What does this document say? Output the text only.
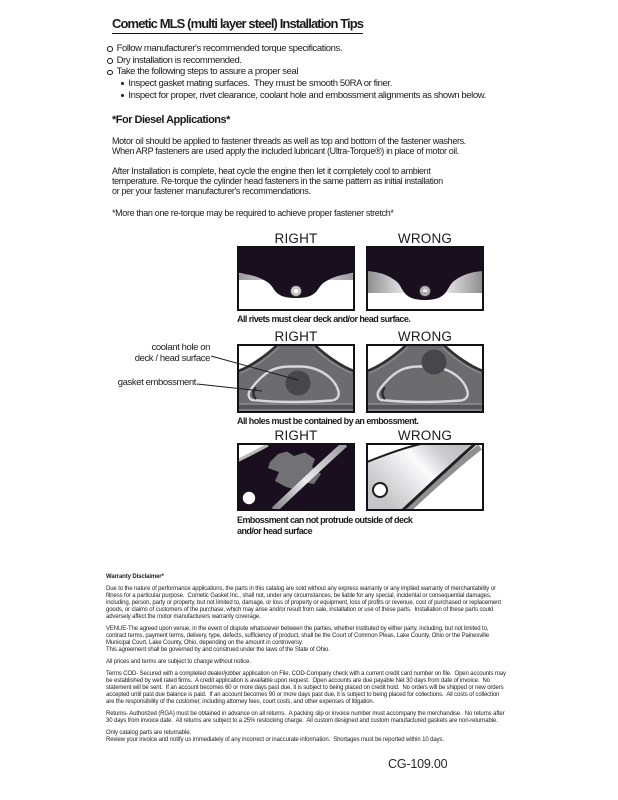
Cometic MLS (multi layer steel) Installation Tips
Follow manufacturer's recommended torque specifications.
Dry installation is recommended.
Take the following steps to assure a proper seal
Inspect gasket mating surfaces.  They must be smooth 50RA or finer.
Inspect for proper, rivet clearance, coolant hole and embossment alignments as shown below.
*For Diesel Applications*
Motor oil should be applied to fastener threads as well as top and bottom of the fastener washers.
When ARP fasteners are used apply the included lubricant (Ultra-Torque®) in place of motor oil.
After Installation is complete, heat cycle the engine then let it completely cool to ambient
temperature. Re-torque the cylinder head fasteners in the same pattern as initial installation
or per your fastener manufacturer's recommendations.
*More than one re-torque may be required to achieve proper fastener stretch*
RIGHT	WRONG
All rivets must clear deck and/or head surface.
RIGHT	WRONG
All holes must be contained by an embossment.
RIGHT	WRONG
Embossment can not protrude outside of deck
and/or head surface
coolant hole on
deck / head surface
gasket embossment
Warranty Disclaimer*
Due to the nature of performance applications, the parts in this catalog are sold without any express warranty or any implied warranty of merchantability or
fitness for a particular purpose.  Cometic Gasket Inc., shall not, under any circumstances, be liable for any special, incidental or consequential damages,
including, person, party or property, but not limited to, damage, or loss of property or equipment, loss of profits or revenue, cost of purchased or replacement
goods, or claims of customers of the purchase, which may arise and/or result from sale, installation or use of these parts.  Installation of these parts could
adversely affect the motor manufacturers warranty coverage.
VENUE-The agreed upon venue, in the event of dispute whatsoever between the parties, whether instituted by either party, including, but not limited to,
contract terms, payment terms, delivery, type, defects, sufficiency of product, shall be the Court of Common Pleas, Lake County, Ohio or the Painesville
Municipal Court, Lake County, Ohio, depending on the amount in controversy.
This agreement shall be governed by and construed under the laws of the State of Ohio.
All prices and terms are subject to change without notice.
Terms COD- Secured with a completed dealer/jobber application on File, COD-Company check with a current credit card number on file.  Open accounts may
be established by well rated firms.  A credit application is available upon request.  Open accounts are due payable Net 30 days from date of invoice.  No
statement will be sent.  If an account becomes 60 or more days past due, it is subject to being placed on credit hold.  No orders will be shipped or new orders
accepted until past due balance is paid.  If an account becomes 90 or more days past due, it is subject to being placed for collections.  All costs of collection
are the responsibility of the customer, including attorney fees, court costs, and other expenses of litigation.
Returns- Authorized (RGA) must be obtained in advance on all returns.  A packing slip or invoice number must accompany the merchandise.  No returns after
30 days from invoice date.  All returns are subject to a 25% restocking charge.  All custom designed and custom manufactured gaskets are non-returnable.
Only catalog parts are returnable.
Review your invoice and notify us immediately of any incorrect or inaccurate information.  Shortages must be reported within 10 days.
CG-109.00
